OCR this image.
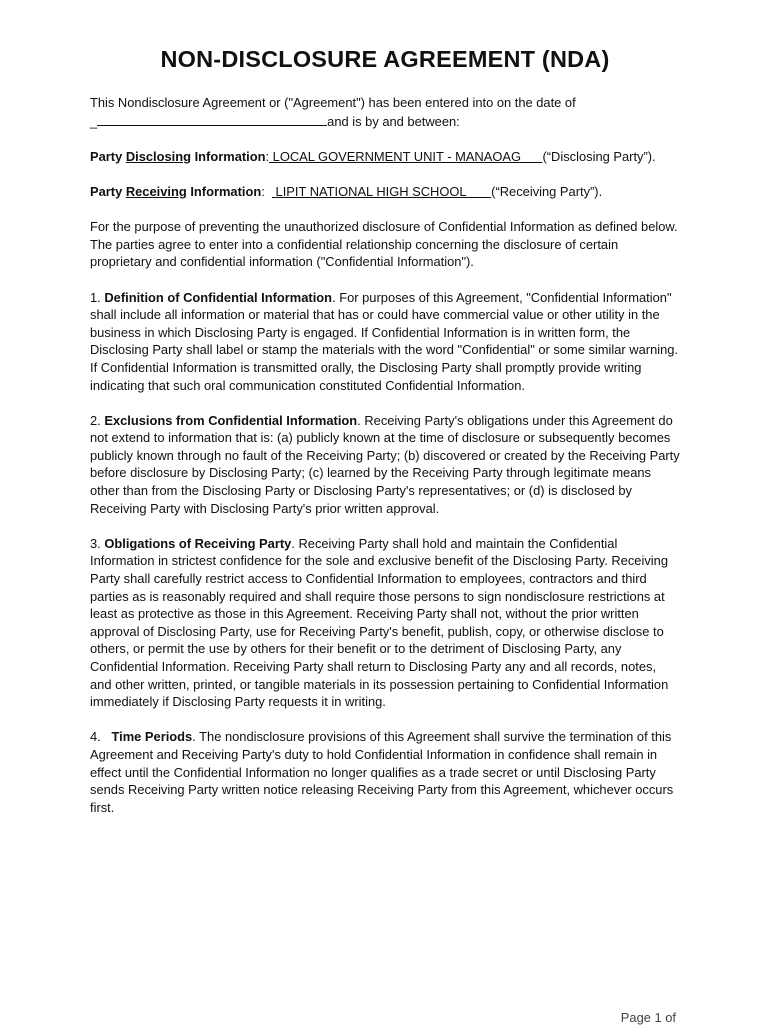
NON-DISCLOSURE AGREEMENT (NDA)

This Nondisclosure Agreement or ("Agreement") has been entered into on the date of
_	and is by and between:

Party Disclosing Information: LOCAL GOVERNMENT UNIT - MANAOAG      (“Disclosing Party”).

Party Receiving Information:   LIPIT NATIONAL HIGH SCHOOL       (“Receiving Party”).

For the purpose of preventing the unauthorized disclosure of Confidential Information as defined below. The parties agree to enter into a confidential relationship concerning the disclosure of certain proprietary and confidential information ("Confidential Information").

1. Definition of Confidential Information. For purposes of this Agreement, "Confidential Information" shall include all information or material that has or could have commercial value or other utility in the business in which Disclosing Party is engaged. If Confidential Information is in written form, the Disclosing Party shall label or stamp the materials with the word "Confidential" or some similar warning. If Confidential Information is transmitted orally, the Disclosing Party shall promptly provide writing indicating that such oral communication constituted Confidential Information.

2. Exclusions from Confidential Information. Receiving Party's obligations under this Agreement do not extend to information that is: (a) publicly known at the time of disclosure or subsequently becomes publicly known through no fault of the Receiving Party; (b) discovered or created by the Receiving Party before disclosure by Disclosing Party; (c) learned by the Receiving Party through legitimate means other than from the Disclosing Party or Disclosing Party's representatives; or (d) is disclosed by Receiving Party with Disclosing Party's prior written approval.

3. Obligations of Receiving Party. Receiving Party shall hold and maintain the Confidential Information in strictest confidence for the sole and exclusive benefit of the Disclosing Party. Receiving Party shall carefully restrict access to Confidential Information to employees, contractors and third parties as is reasonably required and shall require those persons to sign nondisclosure restrictions at least as protective as those in this Agreement. Receiving Party shall not, without the prior written approval of Disclosing Party, use for Receiving Party's benefit, publish, copy, or otherwise disclose to others, or permit the use by others for their benefit or to the detriment of Disclosing Party, any Confidential Information. Receiving Party shall return to Disclosing Party any and all records, notes, and other written, printed, or tangible materials in its possession pertaining to Confidential Information immediately if Disclosing Party requests it in writing.

4.   Time Periods. The nondisclosure provisions of this Agreement shall survive the termination of this Agreement and Receiving Party's duty to hold Confidential Information in confidence shall remain in effect until the Confidential Information no longer qualifies as a trade secret or until Disclosing Party sends Receiving Party written notice releasing Receiving Party from this Agreement, whichever occurs first.

Page 1 of
